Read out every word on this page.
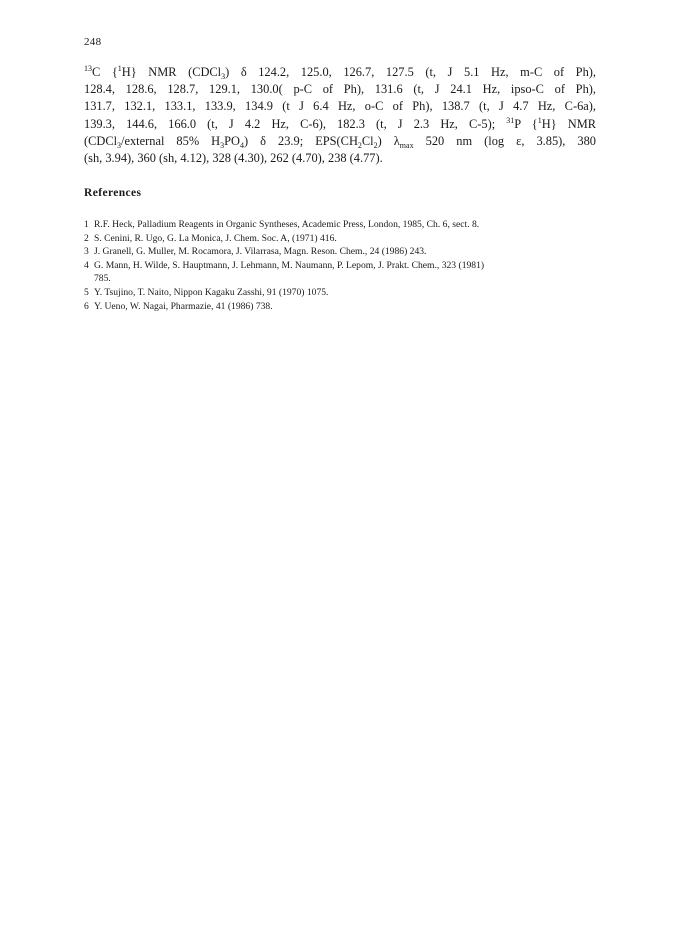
248
$^{13}$C {$^1$H} NMR (CDCl$_3$) δ 124.2, 125.0, 126.7, 127.5 (t, J 5.1 Hz, m-C of Ph),
128.4, 128.6, 128.7, 129.1, 130.0( p-C of Ph), 131.6 (t, J 24.1 Hz, ipso-C of Ph),
131.7, 132.1, 133.1, 133.9, 134.9 (t J 6.4 Hz, o-C of Ph), 138.7 (t, J 4.7 Hz, C-6a),
139.3, 144.6, 166.0 (t, J 4.2 Hz, C-6), 182.3 (t, J 2.3 Hz, C-5); $^{31}$P {$^1$H} NMR
(CDCl$_3$/external 85% $H_3PO_4$) δ 23.9; $EPS(CH_2Cl_2)$ $\lambda_{max}$ 520 nm (log ε, 3.85), 380
(sh, 3.94), 360 (sh, 4.12), 328 (4.30), 262 (4.70), 238 (4.77).
References
1 R.F. Heck, Palladium Reagents in Organic Syntheses, Academic Press, London, 1985, Ch. 6, sect. 8.
2 S. Cenini, R. Ugo, G. La Monica, J. Chem. Soc. A, (1971) 416.
3 J. Granell, G. Muller, M. Rocamora, J. Vilarrasa, Magn. Reson. Chem., 24 (1986) 243.
4 G. Mann, H. Wilde, S. Hauptmann, J. Lehmann, M. Naumann, P. Lepom, J. Prakt. Chem., 323 (1981)
785.
5 Y. Tsujino, T. Naito, Nippon Kagaku Zasshi, 91 (1970) 1075.
6 Y. Ueno, W. Nagai, Pharmazie, 41 (1986) 738.
